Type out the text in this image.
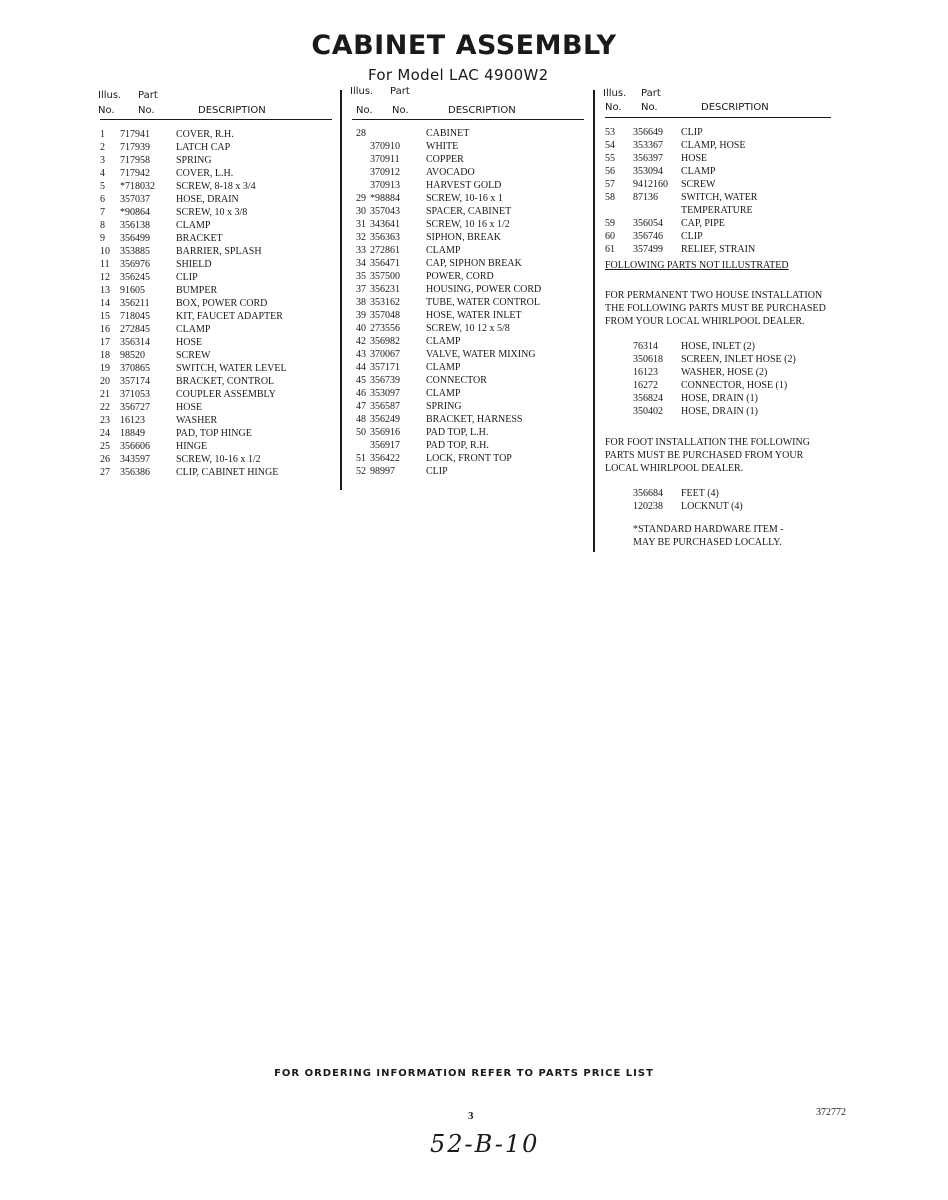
CABINET ASSEMBLY
For Model LAC 4900W2
Illus. Part
No. No.	DESCRIPTION
1 717941	COVER, R.H.
2 717939	LATCH CAP
3 717958	SPRING
4 717942	COVER, L.H.
5 *718032 SCREW, 8-18 x 3/4
6 357037	HOSE, DRAIN
7 *90864	SCREW, 10 x 3/8
8 356138	CLAMP
9 356499	BRACKET
10 353885	BARRIER, SPLASH
11 356976	SHIELD
12 356245	CLIP
13 91605	BUMPER
14 356211	BOX, POWER CORD
15 718045	KIT, FAUCET ADAPTER
16 272845	CLAMP
17 356314	HOSE
18 98520	SCREW
19 370865	SWITCH, WATER LEVEL
20 357174	BRACKET, CONTROL
21 371053	COUPLER ASSEMBLY
22 356727	HOSE
23 16123	WASHER
24 18849	PAD, TOP HINGE
25 356606	HINGE
26 343597	SCREW, 10-16 x 1/2
27 356386	CLIP, CABINET HINGE
Illus. Part
No. No.	DESCRIPTION
28	CABINET
370910	WHITE
370911	COPPER
370912	AVOCADO
370913	HARVEST GOLD
29 *98884	SCREW, 10-16 x 1
30 357043	SPACER, CABINET
31 343641	SCREW, 10 16 x 1/2
32 356363	SIPHON, BREAK
33 272861	CLAMP
34 356471	CAP, SIPHON BREAK
35 357500	POWER, CORD
37 356231	HOUSING, POWER CORD
38 353162	TUBE, WATER CONTROL
39 357048	HOSE, WATER INLET
40 273556	SCREW, 10 12 x 5/8
42 356982	CLAMP
43 370067	VALVE, WATER MIXING
44 357171	CLAMP
45 356739	CONNECTOR
46 353097	CLAMP
47 356587	SPRING
48 356249	BRACKET, HARNESS
50 356916	PAD TOP, L.H.
356917	PAD TOP, R.H.
51 356422	LOCK, FRONT TOP
52 98997	CLIP
Illus. Part
No. No.	DESCRIPTION
53 356649 CLIP
54 353367 CLAMP, HOSE
55 356397 HOSE
56 353094 CLAMP
57 9412160 SCREW
58 87136 SWITCH, WATER
TEMPERATURE
59 356054 CAP, PIPE
60 356746 CLIP
61 357499 RELIEF, STRAIN
FOLLOWING PARTS NOT ILLUSTRATED
FOR PERMANENT TWO HOUSE INSTALLATION
THE FOLLOWING PARTS MUST BE PURCHASED
FROM YOUR LOCAL WHIRLPOOL DEALER.
76314 HOSE, INLET (2)
350618 SCREEN, INLET HOSE (2)
16123 WASHER, HOSE (2)
16272 CONNECTOR, HOSE (1)
356824 HOSE, DRAIN (1)
350402 HOSE, DRAIN (1)
FOR FOOT INSTALLATION THE FOLLOWING
PARTS MUST BE PURCHASED FROM YOUR
LOCAL WHIRLPOOL DEALER.
356684 FEET (4)
120238 LOCKNUT (4)
*STANDARD HARDWARE ITEM -
MAY BE PURCHASED LOCALLY.
FOR ORDERING INFORMATION REFER TO PARTS PRICE LIST
3	372772
52-B-10
